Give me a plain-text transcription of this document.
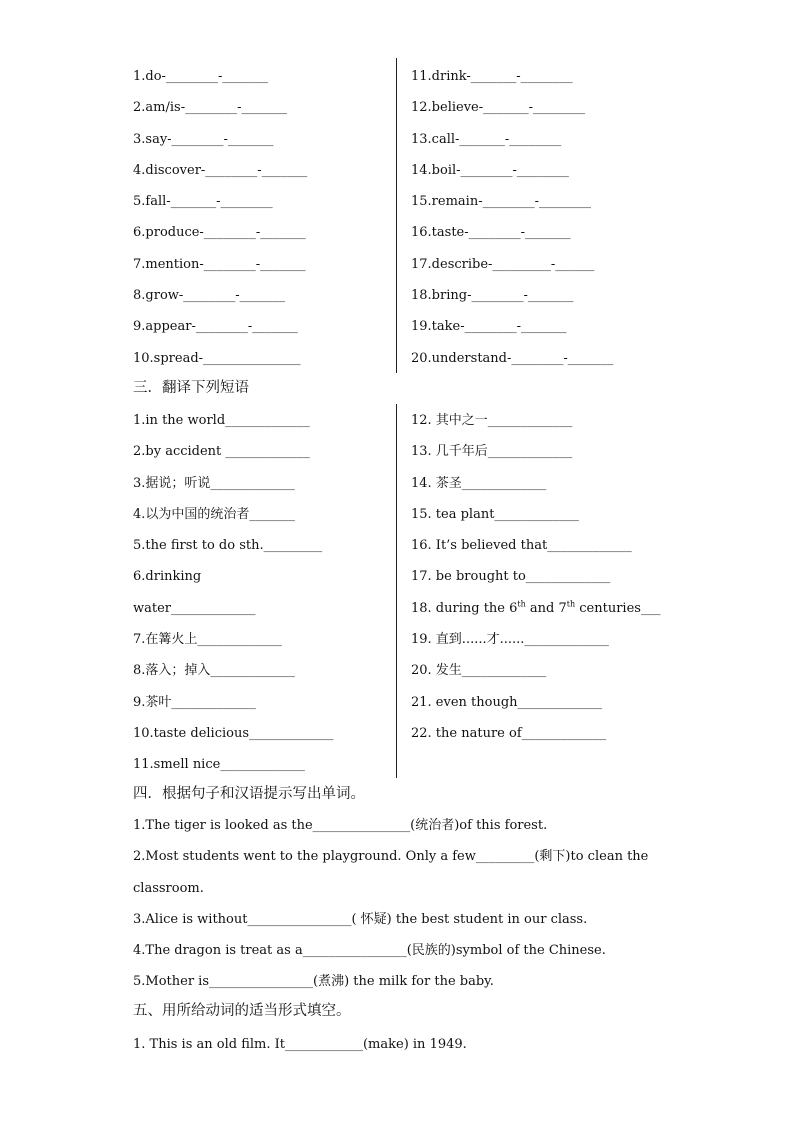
1.do-________-_______
2.am/is-________-_______
3.say-________-_______
4.discover-________-_______
5.fall-_______-________
6.produce-________-_______
7.mention-________-_______
8.grow-________-_______
9.appear-________-_______
10.spread-_______________
11.drink-_______-________
12.believe-_______-________
13.call-_______-________
14.boil-________-________
15.remain-________-________
16.taste-________-_______
17.describe-_________-______
18.bring-________-_______
19.take-________-_______
20.understand-________-_______
三．翻译下列短语
1.in the world_____________
2.by accident _____________
3.据说；听说_____________
4.以为中国的统治者_______
5.the first to do sth._________
6.drinking
water_____________
7.在篝火上_____________
8.落入；掉入_____________
9.茶叶_____________
10.taste delicious_____________
11.smell nice_____________
12. 其中之一_____________
13. 几千年后_____________
14. 茶圣_____________
15. tea plant_____________
16. It’s believed that_____________
17. be brought to_____________
18. during the 6th and 7th centuries___
19. 直到......才......_____________
20. 发生_____________
21. even though_____________
22. the nature of_____________
四．根据句子和汉语提示写出单词。
1.The tiger is looked as the_______________(统治者)of this forest.
2.Most students went to the playground. Only a few_________(剩下)to clean the
classroom.
3.Alice is without________________( 怀疑) the best student in our class.
4.The dragon is treat as a________________(民族的)symbol of the Chinese.
5.Mother is________________(煮沸) the milk for the baby.
五、用所给动词的适当形式填空。
1. This is an old film. It____________(make) in 1949.
